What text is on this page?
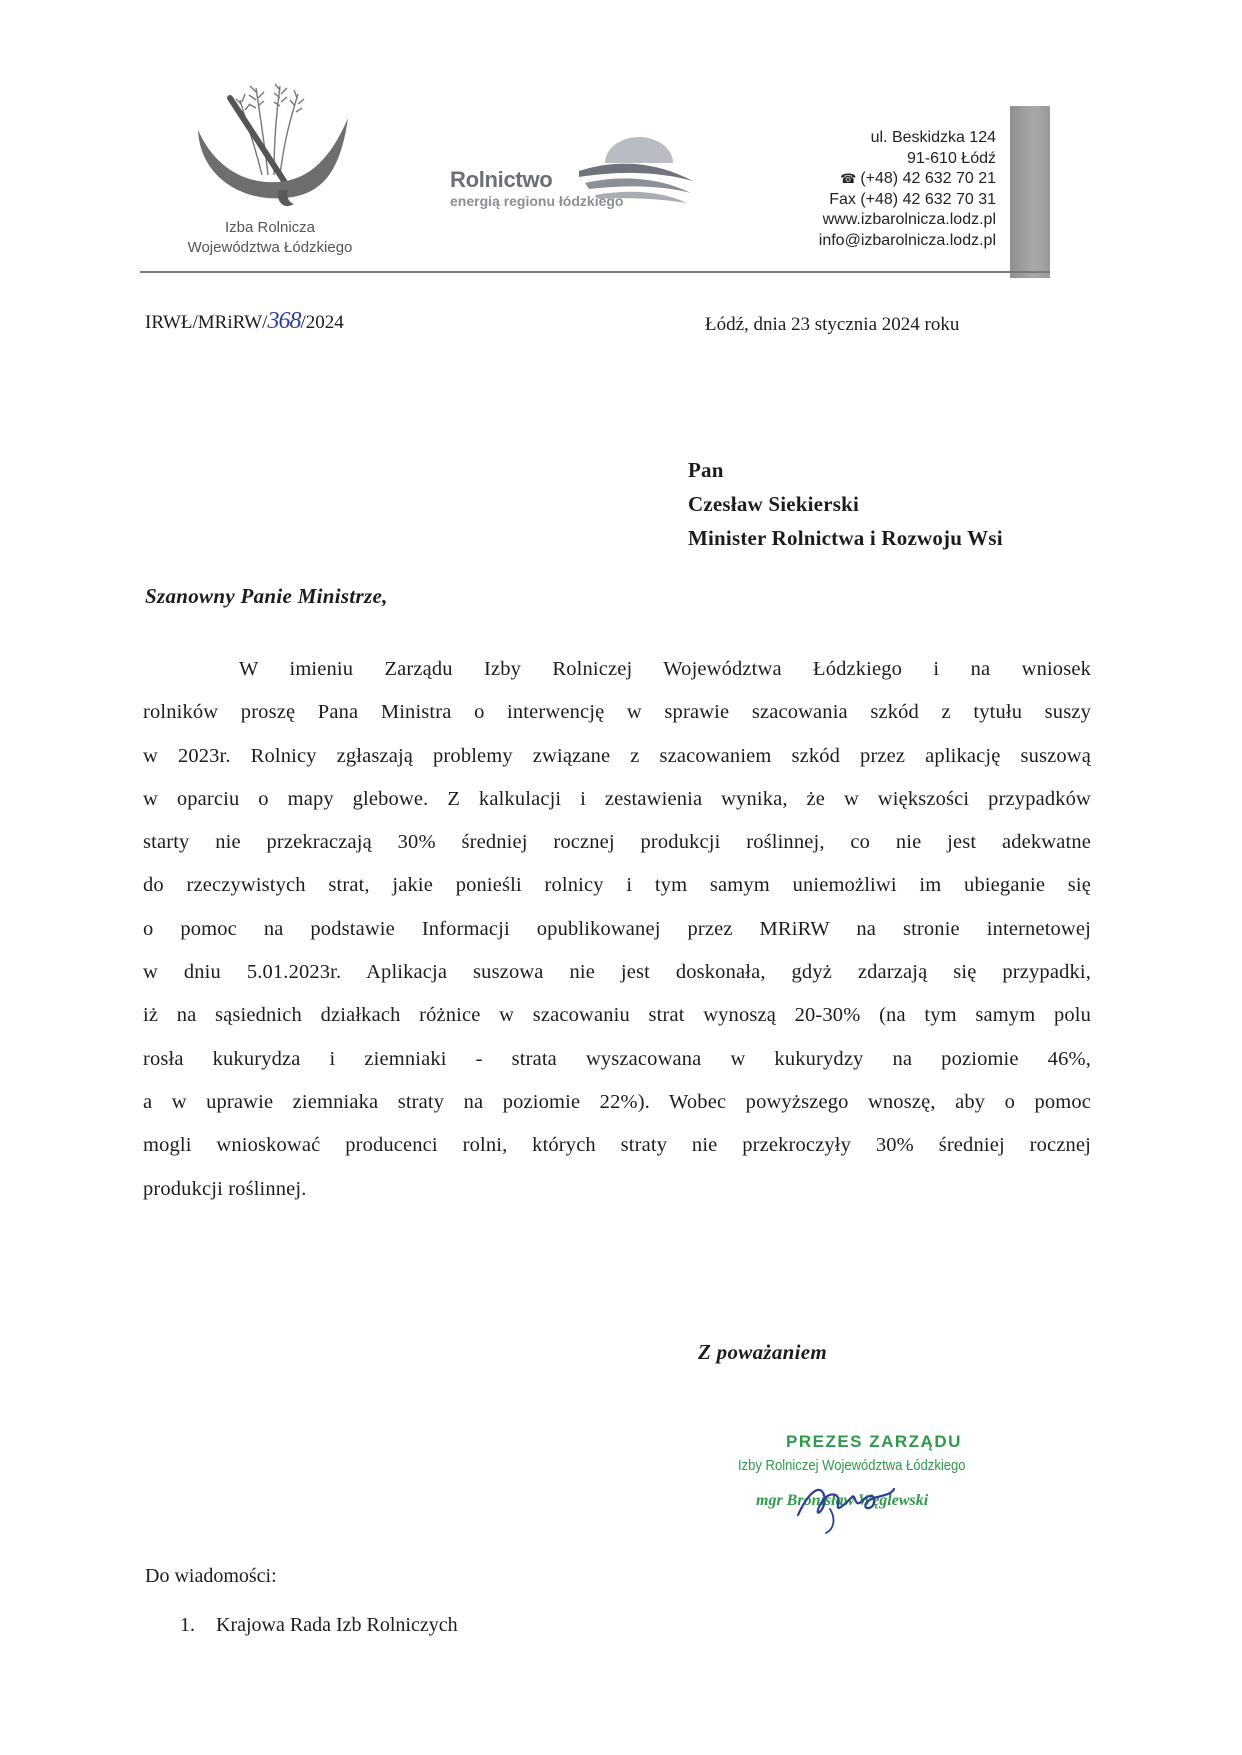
Izba Rolnicza
Województwa Łódzkiego
Rolnictwo
energią regionu łódzkiego
ul. Beskidzka 124
91-610 Łódź
☎ (+48) 42 632 70 21
Fax (+48) 42 632 70 31
www.izbarolnicza.lodz.pl
info@izbarolnicza.lodz.pl
IRWŁ/MRiRW/368/2024	Łódź, dnia 23 stycznia 2024 roku
Pan
Czesław Siekierski
Minister Rolnictwa i Rozwoju Wsi
Szanowny Panie Ministrze,
W imieniu Zarządu Izby Rolniczej Województwa Łódzkiego i na wniosek
rolników proszę Pana Ministra o interwencję w sprawie szacowania szkód z tytułu suszy
w 2023r. Rolnicy zgłaszają problemy związane z szacowaniem szkód przez aplikację suszową
w oparciu o mapy glebowe. Z kalkulacji i zestawienia wynika, że w większości przypadków
starty nie przekraczają 30% średniej rocznej produkcji roślinnej, co nie jest adekwatne
do rzeczywistych strat, jakie ponieśli rolnicy i tym samym uniemożliwi im ubieganie się
o pomoc na podstawie Informacji opublikowanej przez MRiRW na stronie internetowej
w dniu 5.01.2023r. Aplikacja suszowa nie jest doskonała, gdyż zdarzają się przypadki,
iż na sąsiednich działkach różnice w szacowaniu strat wynoszą 20-30% (na tym samym polu
rosła kukurydza i ziemniaki - strata wyszacowana w kukurydzy na poziomie 46%,
a w uprawie ziemniaka straty na poziomie 22%). Wobec powyższego wnoszę, aby o pomoc
mogli wnioskować producenci rolni, których straty nie przekroczyły 30% średniej rocznej
produkcji roślinnej.
Z poważaniem
PREZES ZARZĄDU
Izby Rolniczej Województwa Łódzkiego
mgr Bronisław Węglewski
Do wiadomości:
1. Krajowa Rada Izb Rolniczych
